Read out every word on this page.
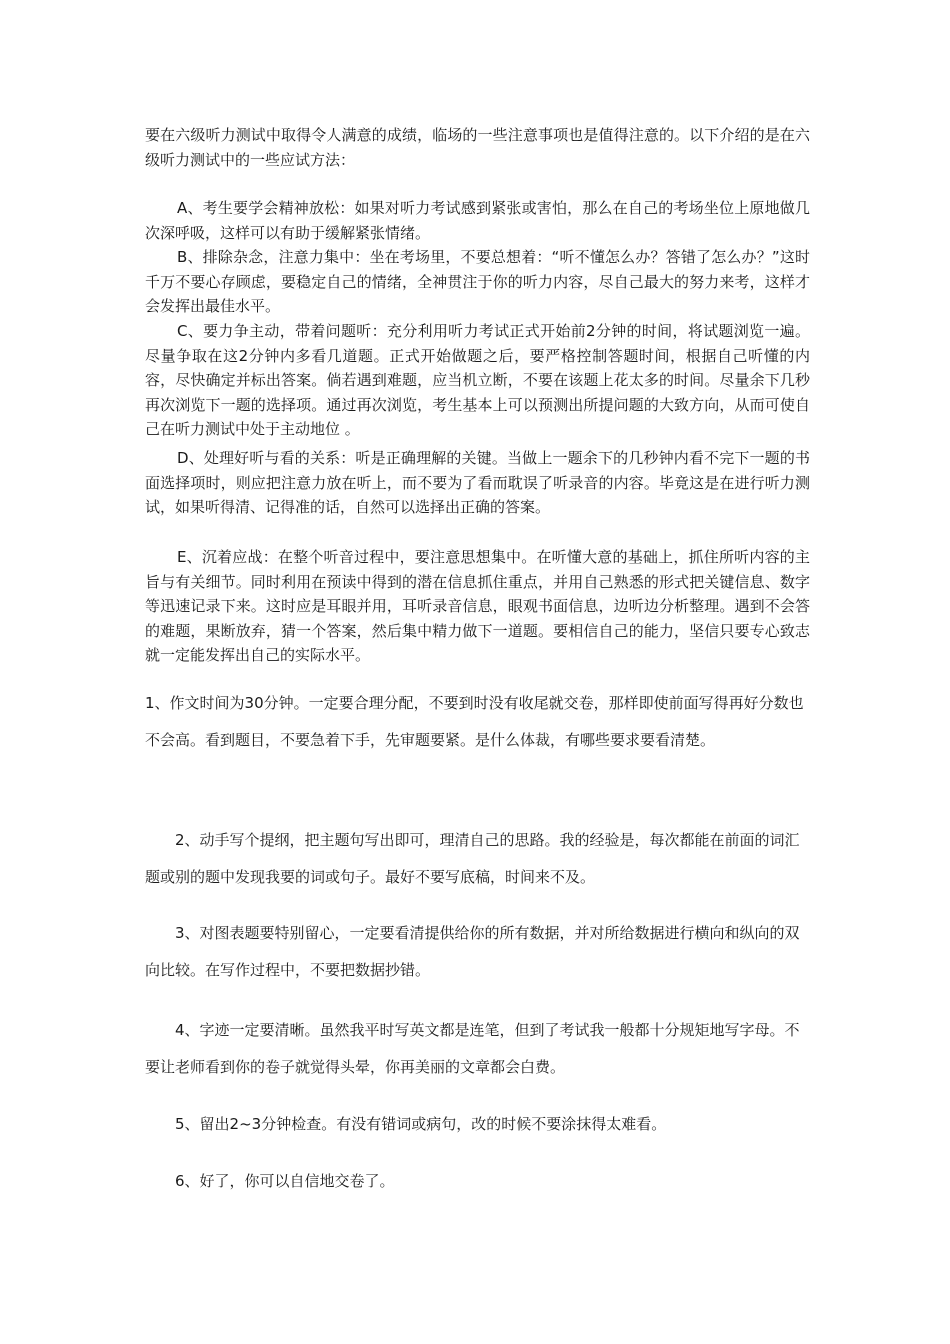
要在六级听力测试中取得令人满意的成绩，临场的一些注意事项也是值得注意的。以下介绍的是在六级听力测试中的一些应试方法：

A、考生要学会精神放松：如果对听力考试感到紧张或害怕，那么在自己的考场坐位上原地做几次深呼吸，这样可以有助于缓解紧张情绪。

B、排除杂念，注意力集中：坐在考场里，不要总想着：“听不懂怎么办？答错了怎么办？”这时千万不要心存顾虑，要稳定自己的情绪，全神贯注于你的听力内容，尽自己最大的努力来考，这样才会发挥出最佳水平。

C、要力争主动，带着问题听：充分利用听力考试正式开始前2分钟的时间，将试题浏览一遍。尽量争取在这2分钟内多看几道题。正式开始做题之后，要严格控制答题时间，根据自己听懂的内容，尽快确定并标出答案。倘若遇到难题，应当机立断，不要在该题上花太多的时间。尽量余下几秒再次浏览下一题的选择项。通过再次浏览，考生基本上可以预测出所提问题的大致方向，从而可使自己在听力测试中处于主动地位 。

D、处理好听与看的关系：听是正确理解的关键。当做上一题余下的几秒钟内看不完下一题的书面选择项时，则应把注意力放在听上，而不要为了看而耽误了听录音的内容。毕竟这是在进行听力测试，如果听得清、记得准的话，自然可以选择出正确的答案。

E、沉着应战：在整个听音过程中，要注意思想集中。在听懂大意的基础上，抓住所听内容的主旨与有关细节。同时利用在预读中得到的潜在信息抓住重点，并用自己熟悉的形式把关键信息、数字等迅速记录下来。这时应是耳眼并用，耳听录音信息，眼观书面信息，边听边分析整理。遇到不会答的难题，果断放弃，猜一个答案，然后集中精力做下一道题。要相信自己的能力，坚信只要专心致志就一定能发挥出自己的实际水平。

1、作文时间为30分钟。一定要合理分配，不要到时没有收尾就交卷，那样即使前面写得再好分数也不会高。看到题目，不要急着下手，先审题要紧。是什么体裁，有哪些要求要看清楚。

2、动手写个提纲，把主题句写出即可，理清自己的思路。我的经验是，每次都能在前面的词汇题或别的题中发现我要的词或句子。最好不要写底稿，时间来不及。

3、对图表题要特别留心，一定要看清提供给你的所有数据，并对所给数据进行横向和纵向的双向比较。在写作过程中，不要把数据抄错。

4、字迹一定要清晰。虽然我平时写英文都是连笔，但到了考试我一般都十分规矩地写字母。不要让老师看到你的卷子就觉得头晕，你再美丽的文章都会白费。

5、留出2~3分钟检查。有没有错词或病句，改的时候不要涂抹得太难看。

6、好了，你可以自信地交卷了。
